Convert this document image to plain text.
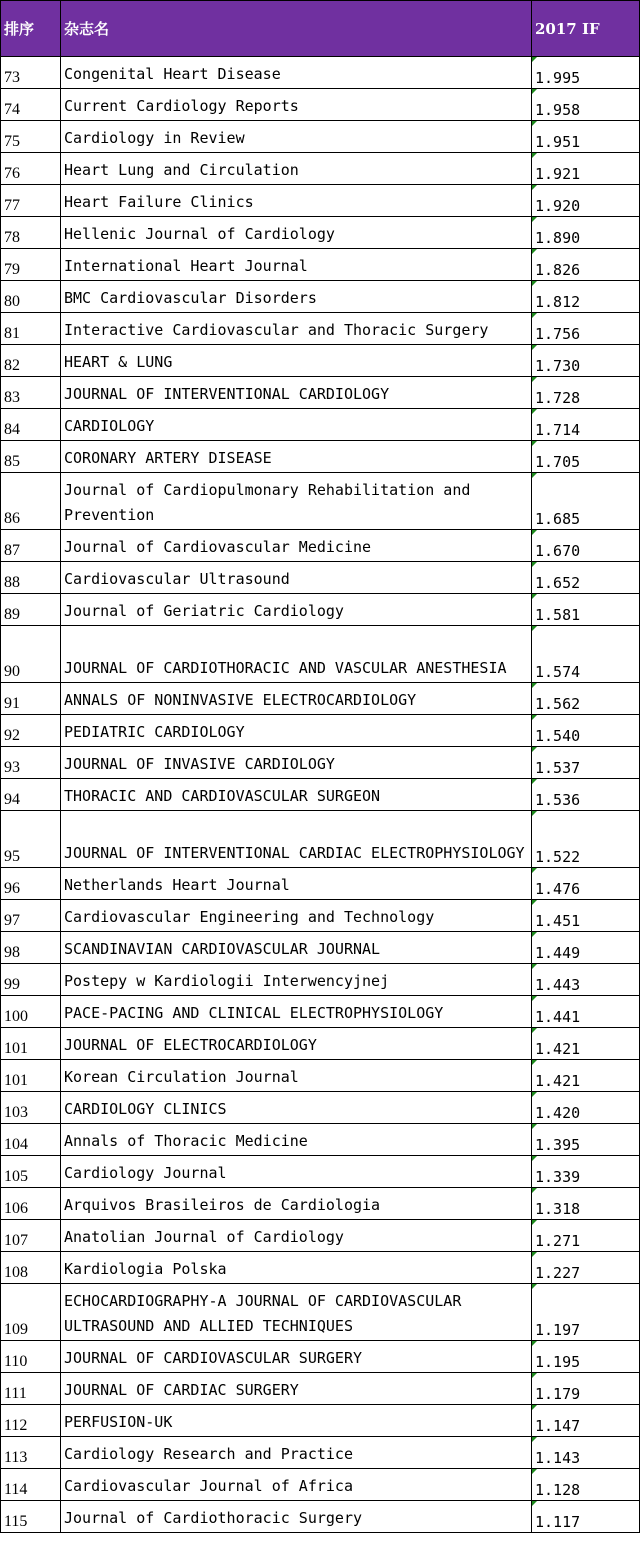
排序	杂志名	2017 IF
73	Congenital Heart Disease	1.995
74	Current Cardiology Reports	1.958
75	Cardiology in Review	1.951
76	Heart Lung and Circulation	1.921
77	Heart Failure Clinics	1.920
78	Hellenic Journal of Cardiology	1.890
79	International Heart Journal	1.826
80	BMC Cardiovascular Disorders	1.812
81	Interactive Cardiovascular and Thoracic Surgery	1.756
82	HEART & LUNG	1.730
83	JOURNAL OF INTERVENTIONAL CARDIOLOGY	1.728
84	CARDIOLOGY	1.714
85	CORONARY ARTERY DISEASE	1.705
86	Journal of Cardiopulmonary Rehabilitation and Prevention	1.685
87	Journal of Cardiovascular Medicine	1.670
88	Cardiovascular Ultrasound	1.652
89	Journal of Geriatric Cardiology	1.581
90	JOURNAL OF CARDIOTHORACIC AND VASCULAR ANESTHESIA	1.574
91	ANNALS OF NONINVASIVE ELECTROCARDIOLOGY	1.562
92	PEDIATRIC CARDIOLOGY	1.540
93	JOURNAL OF INVASIVE CARDIOLOGY	1.537
94	THORACIC AND CARDIOVASCULAR SURGEON	1.536
95	JOURNAL OF INTERVENTIONAL CARDIAC ELECTROPHYSIOLOGY	1.522
96	Netherlands Heart Journal	1.476
97	Cardiovascular Engineering and Technology	1.451
98	SCANDINAVIAN CARDIOVASCULAR JOURNAL	1.449
99	Postepy w Kardiologii Interwencyjnej	1.443
100	PACE-PACING AND CLINICAL ELECTROPHYSIOLOGY	1.441
101	JOURNAL OF ELECTROCARDIOLOGY	1.421
101	Korean Circulation Journal	1.421
103	CARDIOLOGY CLINICS	1.420
104	Annals of Thoracic Medicine	1.395
105	Cardiology Journal	1.339
106	Arquivos Brasileiros de Cardiologia	1.318
107	Anatolian Journal of Cardiology	1.271
108	Kardiologia Polska	1.227
109	ECHOCARDIOGRAPHY-A JOURNAL OF CARDIOVASCULAR ULTRASOUND AND ALLIED TECHNIQUES	1.197
110	JOURNAL OF CARDIOVASCULAR SURGERY	1.195
111	JOURNAL OF CARDIAC SURGERY	1.179
112	PERFUSION-UK	1.147
113	Cardiology Research and Practice	1.143
114	Cardiovascular Journal of Africa	1.128
115	Journal of Cardiothoracic Surgery	1.117
